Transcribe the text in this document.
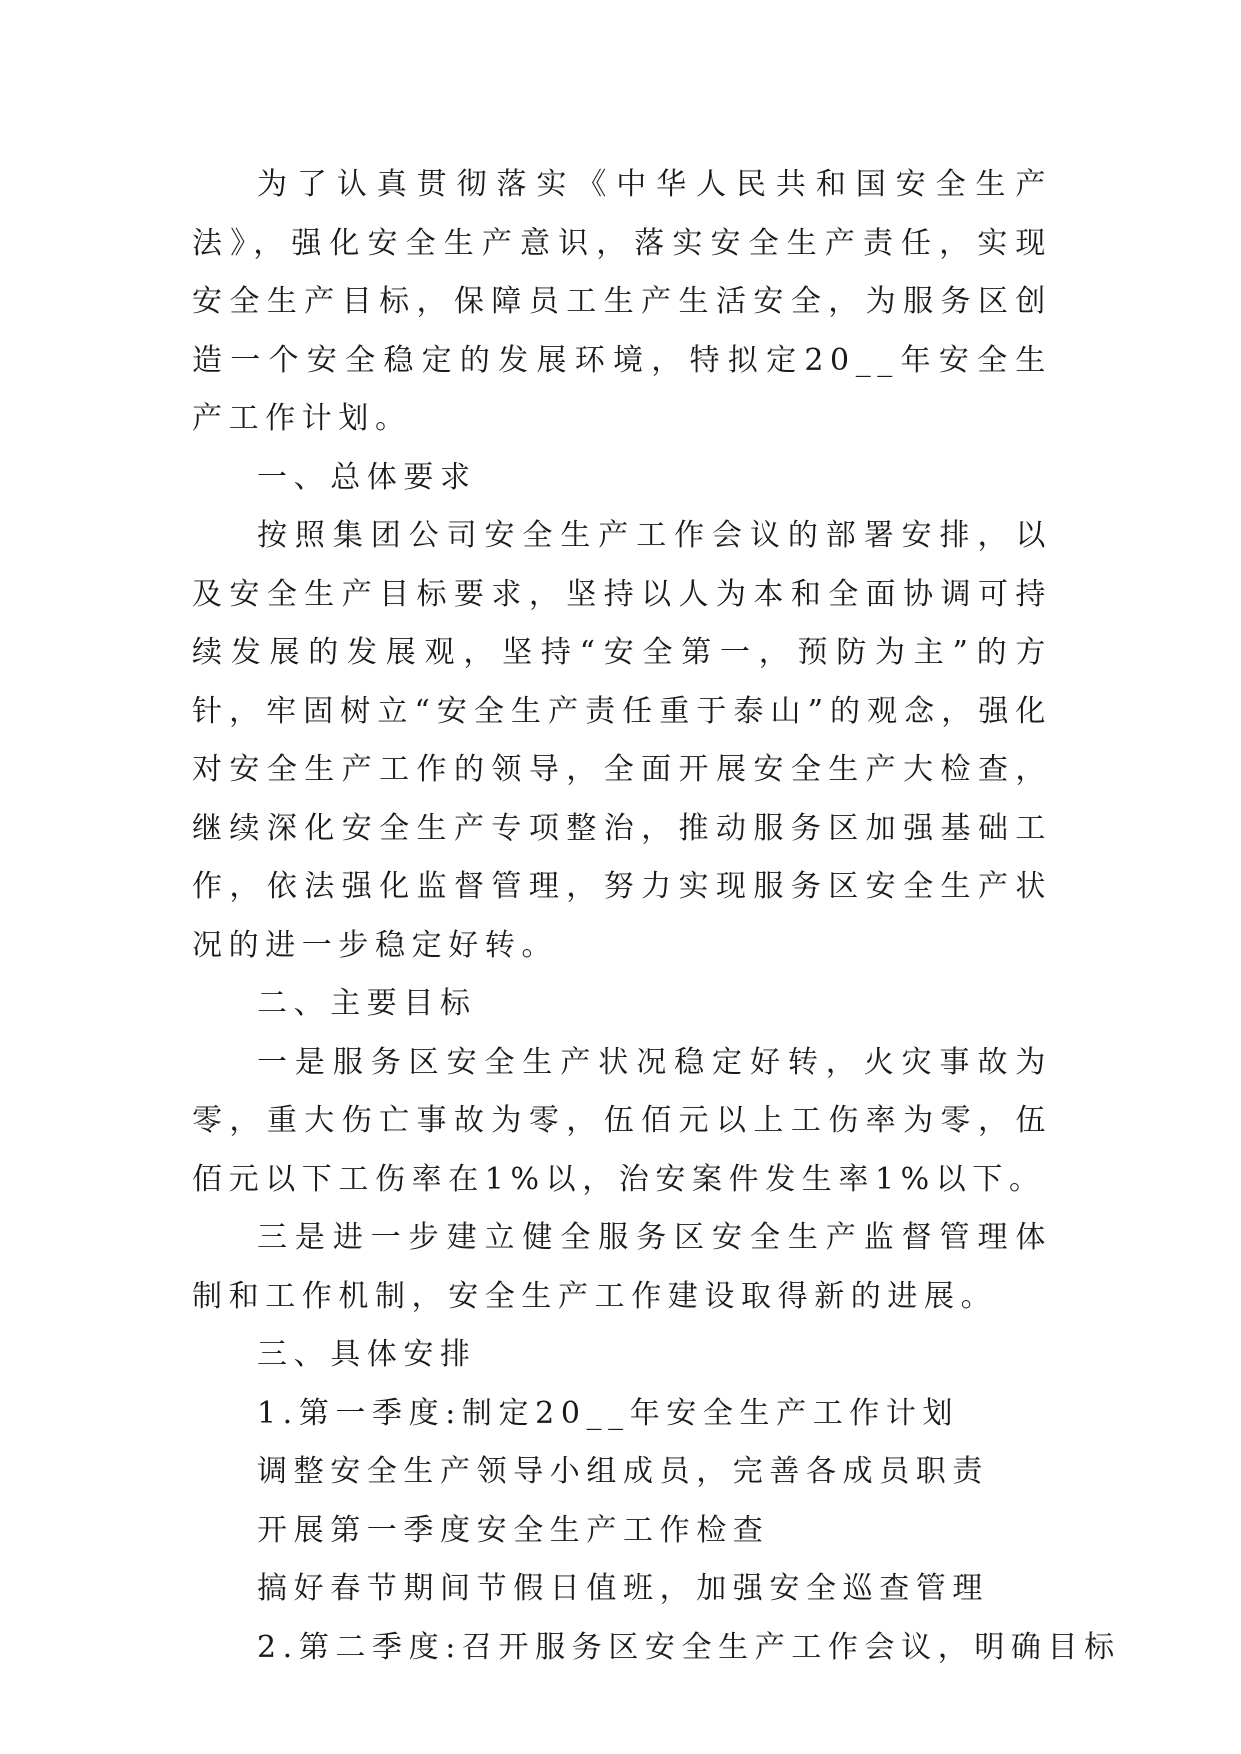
为了认真贯彻落实《中华人民共和国安全生产法》，强化安全生产意识，落实安全生产责任，实现安全生产目标，保障员工生产生活安全，为服务区创造一个安全稳定的发展环境，特拟定20__年安全生产工作计划。

一、总体要求

按照集团公司安全生产工作会议的部署安排，以及安全生产目标要求，坚持以人为本和全面协调可持续发展的发展观，坚持“安全第一，预防为主”的方针，牢固树立“安全生产责任重于泰山”的观念，强化对安全生产工作的领导，全面开展安全生产大检查，继续深化安全生产专项整治，推动服务区加强基础工作，依法强化监督管理，努力实现服务区安全生产状况的进一步稳定好转。

二、主要目标

一是服务区安全生产状况稳定好转，火灾事故为零，重大伤亡事故为零，伍佰元以上工伤率为零，伍佰元以下工伤率在1%以，治安案件发生率1%以下。

三是进一步建立健全服务区安全生产监督管理体制和工作机制，安全生产工作建设取得新的进展。

三、具体安排

1.第一季度:制定20__年安全生产工作计划

调整安全生产领导小组成员，完善各成员职责

开展第一季度安全生产工作检查

搞好春节期间节假日值班，加强安全巡查管理

2.第二季度:召开服务区安全生产工作会议，明确目标
